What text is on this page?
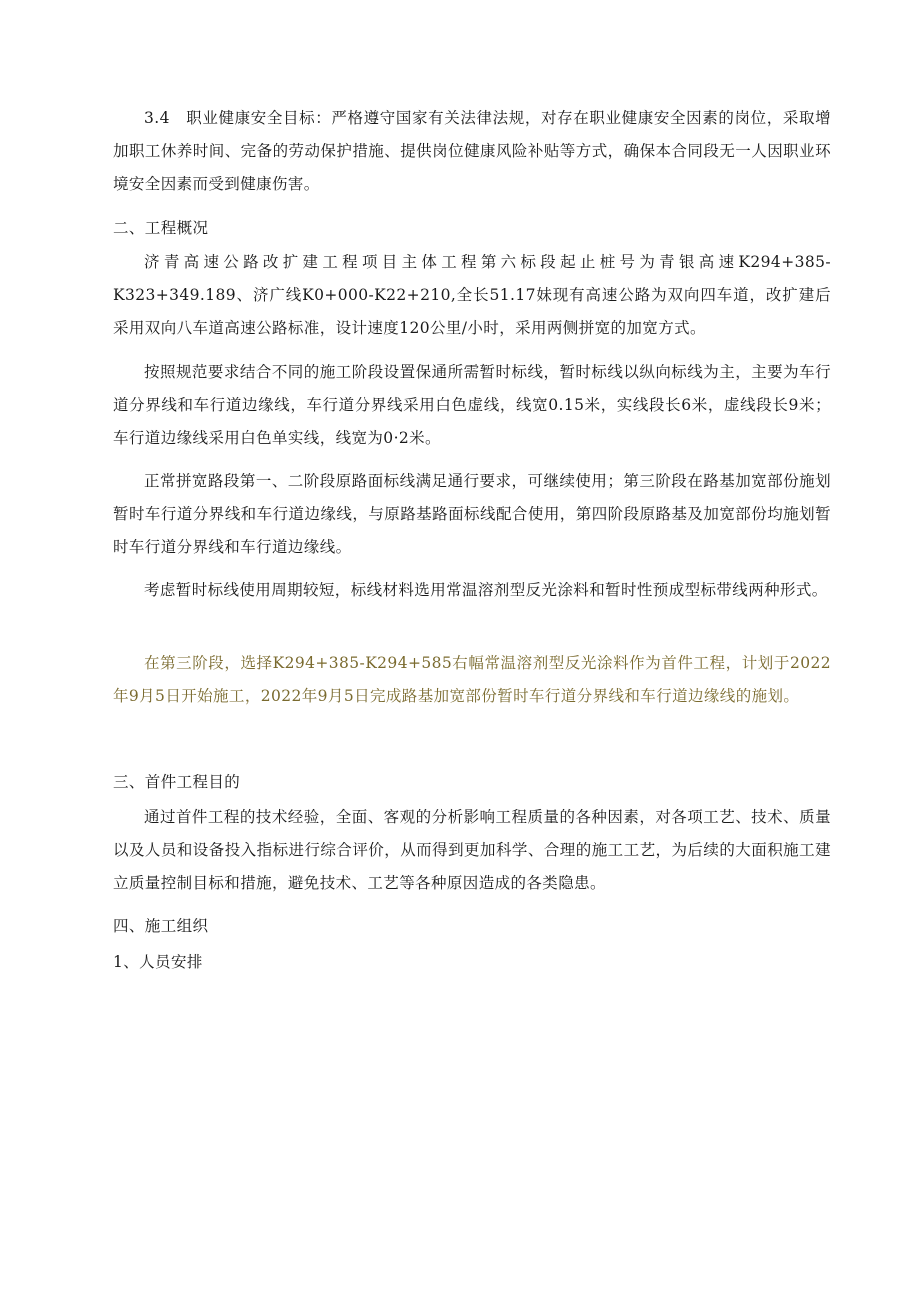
3.4　职业健康安全目标：严格遵守国家有关法律法规，对存在职业健康安全因素的岗位，采取增加职工休养时间、完备的劳动保护措施、提供岗位健康风险补贴等方式，确保本合同段无一人因职业环境安全因素而受到健康伤害。

二、工程概况

济青高速公路改扩建工程项目主体工程第六标段起止桩号为青银高速K294+385-K323+349.189、济广线K0+000-K22+210,全长51.17妹现有高速公路为双向四车道，改扩建后采用双向八车道高速公路标准，设计速度120公里/小时，采用两侧拼宽的加宽方式。

按照规范要求结合不同的施工阶段设置保通所需暂时标线，暂时标线以纵向标线为主，主要为车行道分界线和车行道边缘线，车行道分界线采用白色虚线，线宽0.15米，实线段长6米，虚线段长9米；车行道边缘线采用白色单实线，线宽为0·2米。

正常拼宽路段第一、二阶段原路面标线满足通行要求，可继续使用；第三阶段在路基加宽部份施划暂时车行道分界线和车行道边缘线，与原路基路面标线配合使用，第四阶段原路基及加宽部份均施划暂时车行道分界线和车行道边缘线。

考虑暂时标线使用周期较短，标线材料选用常温溶剂型反光涂料和暂时性预成型标带线两种形式。

在第三阶段，选择K294+385-K294+585右幅常温溶剂型反光涂料作为首件工程，计划于2022年9月5日开始施工，2022年9月5日完成路基加宽部份暂时车行道分界线和车行道边缘线的施划。

三、首件工程目的

通过首件工程的技术经验，全面、客观的分析影响工程质量的各种因素，对各项工艺、技术、质量以及人员和设备投入指标进行综合评价，从而得到更加科学、合理的施工工艺，为后续的大面积施工建立质量控制目标和措施，避免技术、工艺等各种原因造成的各类隐患。

四、施工组织

1、人员安排
